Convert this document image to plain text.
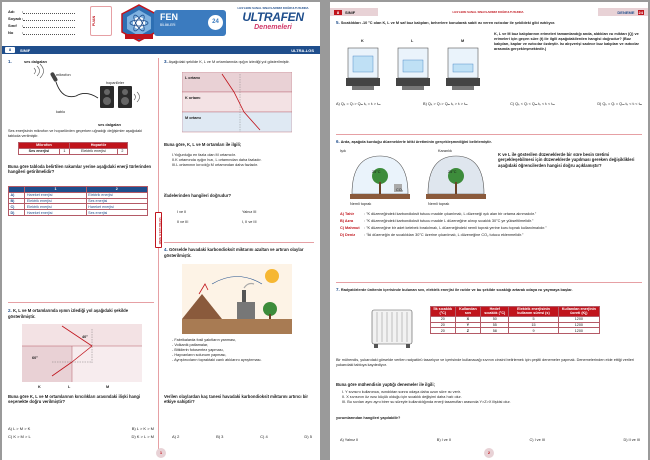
Adı	:
Soyadı :
Sınıf	:
No	:
PUAN	FEN
BİLİMLERİ	24
LGS'LERE SANAL SINAVLARIMIZ DOĞRULTUSUNDA
ULTRAFEN
Denemeleri
8	SINIF	ULTRA-LGS
ULTRA LGS 8. SINIF
1.	ses dalgaları
mikrofon
hoparlörler
kablo
ses dalgaları
Ses enerjisinin mikrofon ve hoparlörden geçerken uğradığı değişimler aşağıdaki tabloda verilmiştir.
Mikrofon		Hoparlör	
Ses enerjisi	1	Elektrik enerjisi	2
Buna göre tabloda belirtilen rakamlar yerine aşağıdaki enerji türlerinden hangileri getirilmelidir?
	1	2
A)	Hareket enerjisi	Elektrik enerjisi
B)	Elektrik enerjisi	Ses enerjisi
C)	Elektrik enerjisi	Hareket enerjisi
D)	Hareket enerjisi	Ses enerjisi
2. K, L ve M ortamlarında ışının izlediği yol aşağıdaki şekilde gösterilmiştir.
40°
60°
K	L	M
Buna göre K, L ve M ortamlarının kırıcılıkları arasındaki ilişki hangi seçenekte doğru verilmiştir?
A) L > M > K	B) L > K > M
C) K > M > L	D) K > L > M
3. Aşağıdaki şekilde K, L ve M ortamlarında ışığın izlediği yol gösterilmiştir.
L ortamı
K ortamı
M ortamı
Buna göre, K, L ve M ortamları ile ilgili;
I.Yoğunluğu en fazla olan M ortamıdır.
II.K ortamında ışığın hızı, L ortamından daha fazladır.
III.L ortamının kırıcılığı M ortamından daha fazladır.
ifadelerinden hangileri doğrudur?
I ve II	Yalnız III
II ve III	I, II ve III
4. Görselde havadaki karbondioksit miktarını azaltan ve artıran olaylar gösterilmiştir.
- Fabrikalarda fosil yakıtların yanması,
- Volkanik patlamalar,
- Bitkilerin fotosentez yapması,
- Hayvanların solunum yapması,
- Ayrıştırıcıların topraktaki canlı atıklarını ayrıştırması.
Verilen olaylardan kaç tanesi havadaki karbondioksit miktarını artırıcı bir etkiye sahiptir?
A) 2	B) 3	C) 4	D) 5
1
8	SINIF	LGS'LERE SANAL SINAVLARIMIZ DOĞRULTUSUNDA	DENEME 24
5. Sıcaklıkları -10 °C olan K, L ve M saf buz kalıpları, beherlere konularak sabit ısı veren ısıtıcılar ile şekildeki gibi ısıtılıyor.
K	L	M
K, L ve M buz kalıplarının erimeleri tamamlandığı anda, aldıkları ısı miktarı (Q) ve erimeleri için geçen süre (t) ile ilgili aşağıdakilerden hangisi doğrudur? (Buz kalıpları, kaplar ve ısıtıcılar özdeştir. Isı alışverişi sadece buz kalıpları ve ısıtıcılar arasında gerçekleşmektedir.)
A) Qₖ = Qₗ > Qₘ tₖ = tₗ > tₘ	B) Qₖ > Qₗ > Qₘ tₖ > tₗ > tₘ	C) Qₖ < Qₗ < Qₘ tₖ < tₗ < tₘ	D) Qₖ = Qₗ = Qₘ tₖ < tₗ < tₘ
6. Arda, aşağıda kurduğu düzeneklerle bitki üretiminin gerçekleşmediğini belirlemiştir.
Işık	Karanlık
25°C	25°C
CO₂
Nemli toprak	Nemli toprak
K ve L ile gösterilen düzeneklerde bir süre besin üretimi gerçekleşebilmesi için düzeneklerde yapılması gereken değişiklikleri aşağıdaki öğrencilerden hangisi doğru açıklamıştır?
A) Tahir	: "K düzeneğindeki karbondioksit tutucu madde çıkarılmalı, L düzeneği ışık alan bir ortama alınmalıdır."
B) Azra	: "K düzeneğindeki karbondioksit tutucu madde L düzeneğine alınıp sıcaklık 30°C ye yükseltilmelidir."
C) Mahmut	: "K düzeneğine bir adet kelebek bırakılmalı, L düzeneğindeki nemli toprak yerine kuru toprak kullanılmalıdır."
D) Deniz	: "İki düzeneğin de sıcaklıkları 30°C üzerine çıkarılmalı, L düzeneğine CO₂ tutucu eklenmelidir."
7. Radyatörlerde ünitenin içerisinde bulunan sıvı, elektrik enerjisi ile ısıtılır ve bu şekilde sıcaklığı artarak odaya ısı yaymaya başlar.
İlk sıcaklık (°C)	Kullanılan sıvı	Hedef sıcaklık (°C)	Elektrik enerjisinin kullanım süresi (s)	Kullanılan enerjinin ücreti (Kj)
20	X	50	5	1200
20	Y	55	15	1200
20	Z	58	9	1200
Bir mühendis, yukarıdaki görselde verilen radyatörü tasarlıyor ve içerisinde kullanacağı sıvının cinsini belirlemek için çeşitli denemeler yapmak. Denemelerinden elde ettiği verileri yukarıdaki tabloya kaydediyor.
Buna göre mühendisin yaptığı denemeler ile ilgili;
I. Y sıvısını kullanınca, ısındıktan sonra odaya daha uzun süre ısı verir.
II. X sıvısının öz ısısı küçük olduğu için sıcaklık değişimi daha hızlı olur.
III. Bu sıvıları aynı aynı birer su süreyle kullanıldığında enerji tasarrufları arasında Y>Z>X ilişkisi olur.
yorumlarından hangileri yapılabilir?
A) Yalnız II	B) I ve II	C) I ve III	D) II ve III
2
